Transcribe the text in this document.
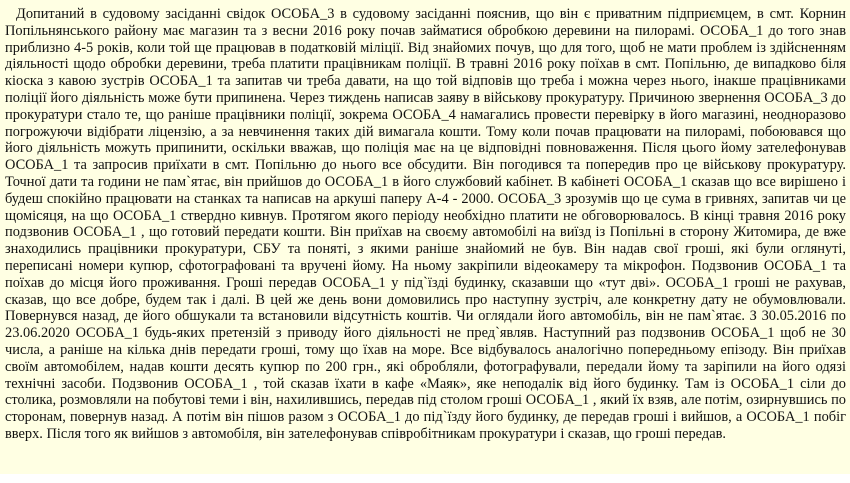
Допитаний в судовому засіданні свідок ОСОБА_3 в судовому засіданні пояснив, що він є приватним підприємцем, в смт. Корнин Попільнянського району має магазин та з весни 2016 року почав займатися обробкою деревини на пилорамі. ОСОБА_1 до того знав приблизно 4-5 років, коли той ще працював в податковій міліції. Від знайомих почув, що для того, щоб не мати проблем із здійсненням діяльності щодо обробки деревини, треба платити працівникам поліції. В травні 2016 року поїхав в смт. Попільню, де випадково біля кіоска з кавою зустрів ОСОБА_1 та запитав чи треба давати, на що той відповів що треба і можна через нього, інакше працівниками поліції його діяльність може бути припинена. Через тиждень написав заяву в військову прокуратуру. Причиною звернення ОСОБА_3 до прокуратури стало те, що раніше працівники поліції, зокрема ОСОБА_4 намагались провести перевірку в його магазині, неодноразово погрожуючи відібрати ліцензію, а за невчинення таких дій вимагала кошти. Тому коли почав працювати на пилорамі, побоювався що його діяльність можуть припинити, оскільки вважав, що поліція має на це відповідні повноваження. Після цього йому зателефонував ОСОБА_1 та запросив приїхати в смт. Попільню до нього все обсудити. Він погодився та попередив про це військову прокуратуру. Точної дати та години не пам`ятає, він прийшов до ОСОБА_1 в його службовий кабінет. В кабінеті ОСОБА_1 сказав що все вирішено і будеш спокійно працювати на станках та написав на аркуші паперу А-4 - 2000. ОСОБА_3 зрозумів що це сума в гривнях, запитав чи це щомісяця, на що ОСОБА_1 ствердно кивнув. Протягом якого періоду необхідно платити не обговорювалось. В кінці травня 2016 року подзвонив ОСОБА_1 , що готовий передати кошти. Він приїхав на своєму автомобілі на виїзд із Попільні в сторону Житомира, де вже знаходились працівники прокуратури, СБУ та поняті, з якими раніше знайомий не був. Він надав свої гроші, які були оглянуті, переписані номери купюр, сфотографовані та вручені йому. На ньому закріпили відеокамеру та мікрофон. Подзвонив ОСОБА_1 та поїхав до місця його проживання. Гроші передав ОСОБА_1 у під`їзді будинку, сказавши що «тут дві». ОСОБА_1 гроші не рахував, сказав, що все добре, будем так і далі. В цей же день вони домовились про наступну зустріч, але конкретну дату не обумовлювали. Повернувся назад, де його обшукали та встановили відсутність коштів. Чи оглядали його автомобіль, він не пам`ятає. З 30.05.2016 по 23.06.2020 ОСОБА_1 будь-яких претензій з приводу його діяльності не пред`являв. Наступний раз подзвонив ОСОБА_1 щоб не 30 числа, а раніше на кілька днів передати гроші, тому що їхав на море. Все відбувалось аналогічно попередньому епізоду. Він приїхав своїм автомобілем, надав кошти десять купюр по 200 грн., які обробляли, фотографували, передали йому та зарiпили на його одязі технічні засоби. Подзвонив ОСОБА_1 , той сказав їхати в кафе «Маяк», яке неподалік від його будинку. Там із ОСОБА_1 сіли до столика, розмовляли на побутові теми і він, нахилившись, передав під столом гроші ОСОБА_1 , який їх взяв, але потім, озирнувшись по сторонам, повернув назад. А потім він пішов разом з ОСОБА_1 до під`їзду його будинку, де передав гроші і вийшов, а ОСОБА_1 побіг вверх. Після того як вийшов з автомобіля, він зателефонував співробітникам прокуратури і сказав, що гроші передав.
